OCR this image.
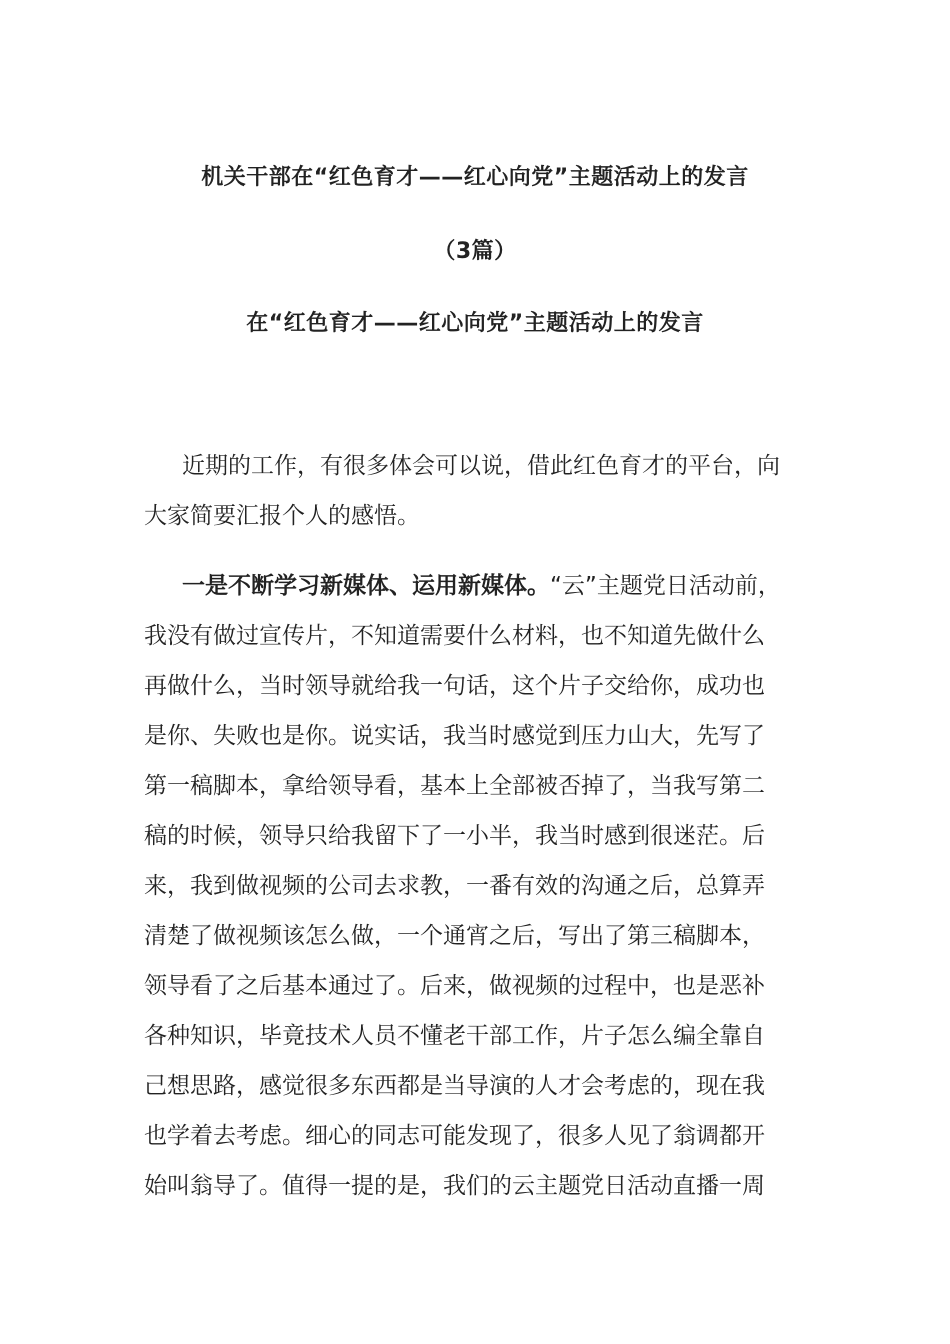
机关干部在“红色育才——红心向党”主题活动上的发言
（3篇）
在“红色育才——红心向党”主题活动上的发言
近期的工作，有很多体会可以说，借此红色育才的平台，向
大家简要汇报个人的感悟。
一是不断学习新媒体、运用新媒体。“云”主题党日活动前，
我没有做过宣传片，不知道需要什么材料，也不知道先做什么
再做什么，当时领导就给我一句话，这个片子交给你，成功也
是你、失败也是你。说实话，我当时感觉到压力山大，先写了
第一稿脚本，拿给领导看，基本上全部被否掉了，当我写第二
稿的时候，领导只给我留下了一小半，我当时感到很迷茫。后
来，我到做视频的公司去求教，一番有效的沟通之后，总算弄
清楚了做视频该怎么做，一个通宵之后，写出了第三稿脚本，
领导看了之后基本通过了。后来，做视频的过程中，也是恶补
各种知识，毕竟技术人员不懂老干部工作，片子怎么编全靠自
己想思路，感觉很多东西都是当导演的人才会考虑的，现在我
也学着去考虑。细心的同志可能发现了，很多人见了翁调都开
始叫翁导了。值得一提的是，我们的云主题党日活动直播一周
